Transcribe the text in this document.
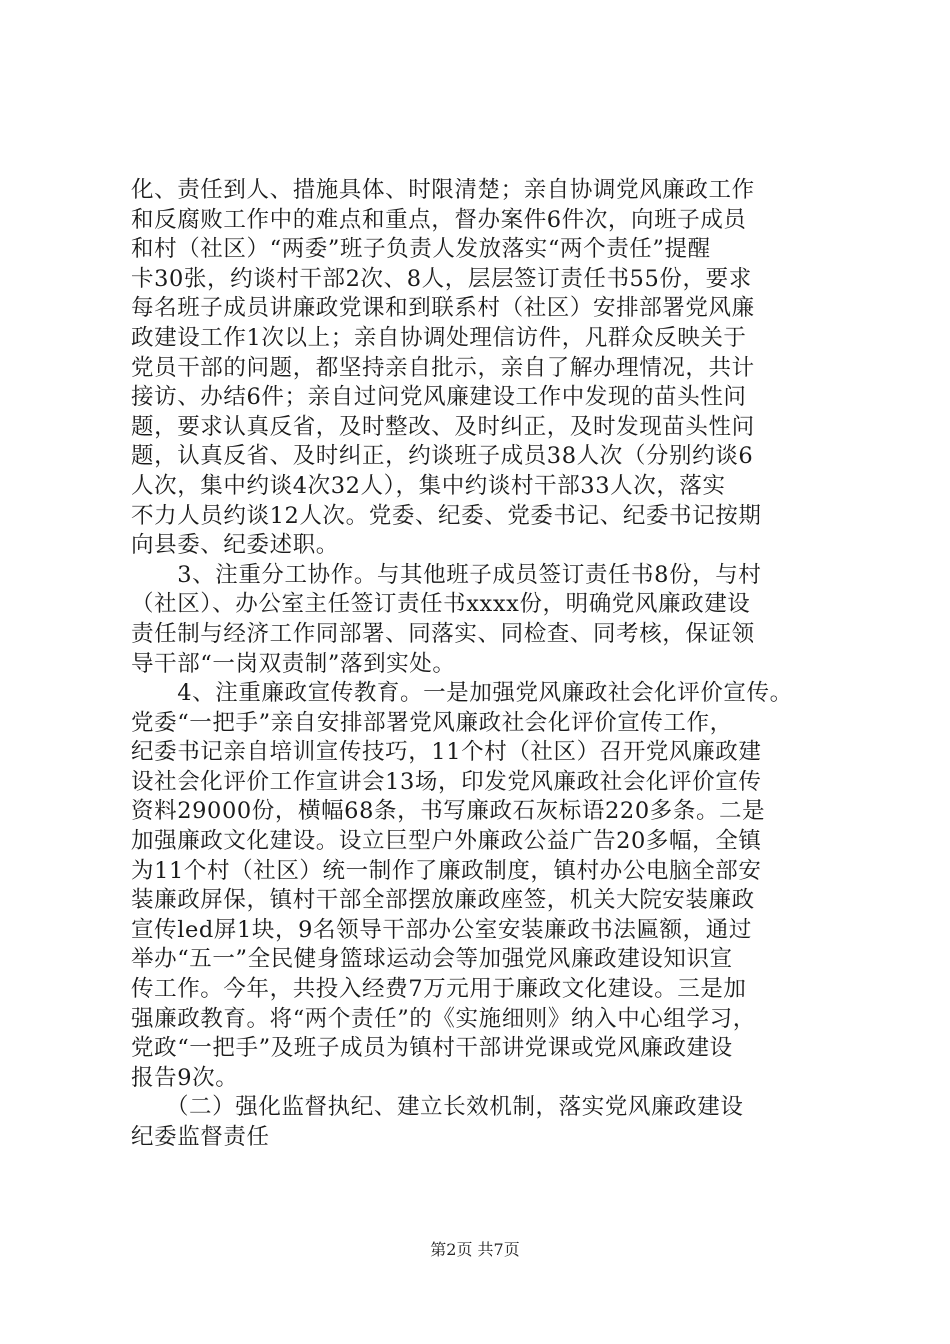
化、责任到人、措施具体、时限清楚；亲自协调党风廉政工作
和反腐败工作中的难点和重点，督办案件6件次，向班子成员
和村（社区）“两委”班子负责人发放落实“两个责任”提醒
卡30张，约谈村干部2次、8人，层层签订责任书55份，要求
每名班子成员讲廉政党课和到联系村（社区）安排部署党风廉
政建设工作1次以上；亲自协调处理信访件，凡群众反映关于
党员干部的问题，都坚持亲自批示，亲自了解办理情况，共计
接访、办结6件；亲自过问党风廉建设工作中发现的苗头性问
题，要求认真反省，及时整改、及时纠正，及时发现苗头性问
题，认真反省、及时纠正，约谈班子成员38人次（分别约谈6
人次，集中约谈4次32人），集中约谈村干部33人次，落实
不力人员约谈12人次。党委、纪委、党委书记、纪委书记按期
向县委、纪委述职。
　　3、注重分工协作。与其他班子成员签订责任书8份，与村
（社区）、办公室主任签订责任书xxxx份，明确党风廉政建设
责任制与经济工作同部署、同落实、同检查、同考核，保证领
导干部“一岗双责制”落到实处。
　　4、注重廉政宣传教育。一是加强党风廉政社会化评价宣传。
党委“一把手”亲自安排部署党风廉政社会化评价宣传工作，
纪委书记亲自培训宣传技巧，11个村（社区）召开党风廉政建
设社会化评价工作宣讲会13场，印发党风廉政社会化评价宣传
资料29000份，横幅68条，书写廉政石灰标语220多条。二是
加强廉政文化建设。设立巨型户外廉政公益广告20多幅，全镇
为11个村（社区）统一制作了廉政制度，镇村办公电脑全部安
装廉政屏保，镇村干部全部摆放廉政座签，机关大院安装廉政
宣传led屏1块，9名领导干部办公室安装廉政书法匾额，通过
举办“五一”全民健身篮球运动会等加强党风廉政建设知识宣
传工作。今年，共投入经费7万元用于廉政文化建设。三是加
强廉政教育。将“两个责任”的《实施细则》纳入中心组学习，
党政“一把手”及班子成员为镇村干部讲党课或党风廉政建设
报告9次。
　　（二）强化监督执纪、建立长效机制，落实党风廉政建设
纪委监督责任
第2页 共7页
